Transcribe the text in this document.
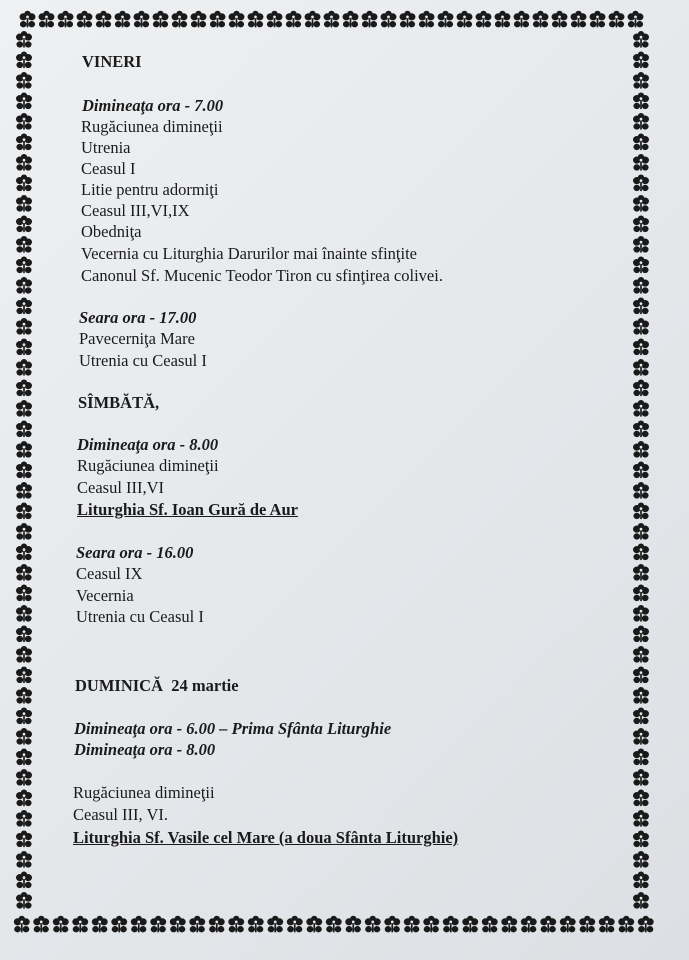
VINERI
Dimineaţa ora - 7.00
Rugăciunea dimineţii
Utrenia
Ceasul I
Litie pentru adormiţi
Ceasul III,VI,IX
Obedniţa
Vecernia cu Liturghia Darurilor mai înainte sfinţite
Canonul Sf. Mucenic Teodor Tiron cu sfinţirea colivei.
Seara ora - 17.00
Pavecerniţa Mare
Utrenia cu Ceasul I
SÎMBĂTĂ,
Dimineaţa ora - 8.00
Rugăciunea dimineţii
Ceasul III,VI
Liturghia Sf. Ioan Gură de Aur
Seara ora - 16.00
Ceasul IX
Vecernia
Utrenia cu Ceasul I
DUMINICĂ  24 martie
Dimineaţa ora - 6.00 – Prima Sfânta Liturghie
Dimineaţa ora - 8.00
Rugăciunea dimineţii
Ceasul III, VI.
Liturghia Sf. Vasile cel Mare (a doua Sfânta Liturghie)
